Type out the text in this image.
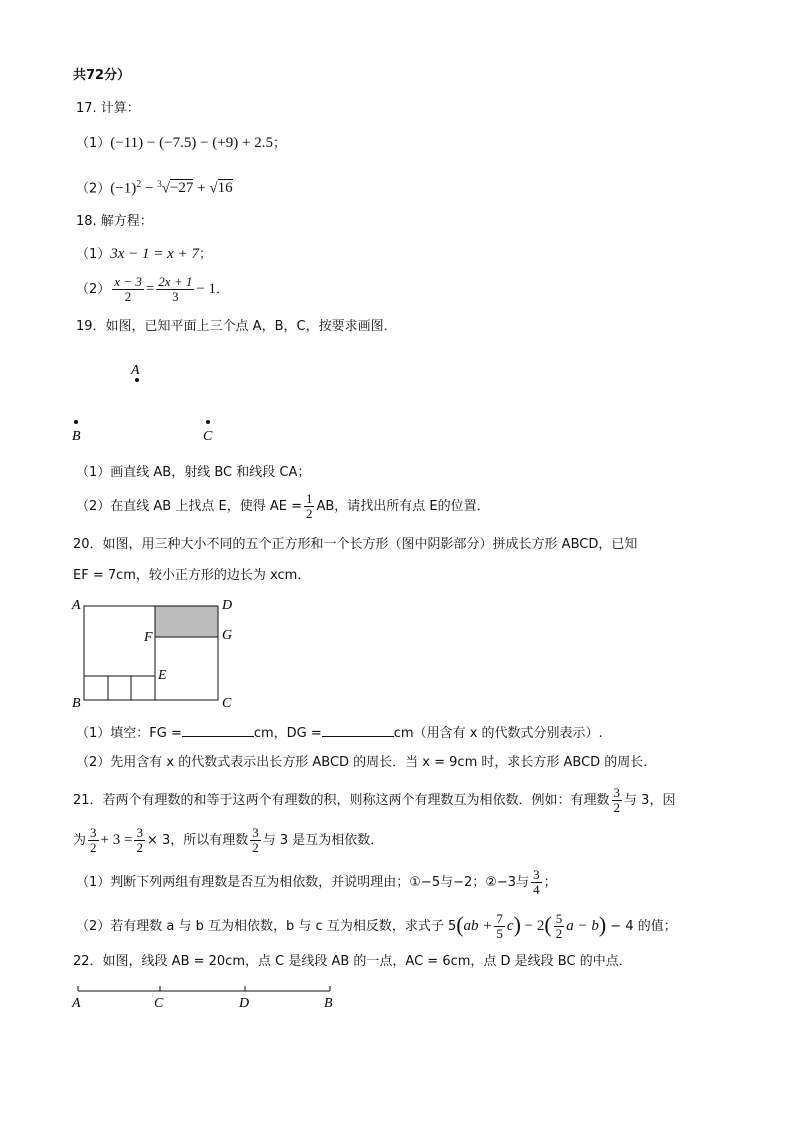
共72分）
17. 计算：
（1）(−11) − (−7.5) − (+9) + 2.5；
$(2)(-1)^2 - ^3√-27 + √16$
18. 解方程：
（1）3x − 1 = x + 7；
$(2) \frac{x - 3}{2} = \frac{2x + 1}{3} - 1$．
19．如图，已知平面上三个点 A，B，C，按要求画图．
A
B	C
（1）画直线 AB，射线 BC 和线段 CA；
（2）在直线 AB 上找点 E，使得 AE = $\frac{1}{2}$ AB，请找出所有点 E的位置．
20．如图，用三种大小不同的五个正方形和一个长方形（图中阴影部分）拼成长方形 ABCD，已知
EF = 7cm，较小正方形的边长为 xcm．
A	D
F	G
E
B	C
（1）填空：FG =	cm，DG =	cm（用含有 x 的代数式分别表示）.
（2）先用含有 x 的代数式表示出长方形 ABCD 的周长．当 x = 9cm 时，求长方形 ABCD 的周长．
21．若两个有理数的和等于这两个有理数的积，则称这两个有理数互为相依数．例如：有理数 $\frac{3}{2}$ 与 3，因
为 $\frac{3}{2} + 3 = \frac{3}{2} \times 3$，所以有理数 $\frac{3}{2}$ 与 3 是互为相依数．
（1）判断下列两组有理数是否互为相依数，并说明理由；①−5与−2；②−3与 $\frac{3}{4}$ ；
（2）若有理数 a 与 b 互为相依数，b 与 c 互为相反数，求式子 $5(ab + \frac{7}{5} c) - 2( \frac{5}{2}$ a − b) − 4 的值；
22．如图，线段 AB = 20cm，点 C 是线段 AB 的一点，AC = 6cm，点 D 是线段 BC 的中点．
A	C	D	B
